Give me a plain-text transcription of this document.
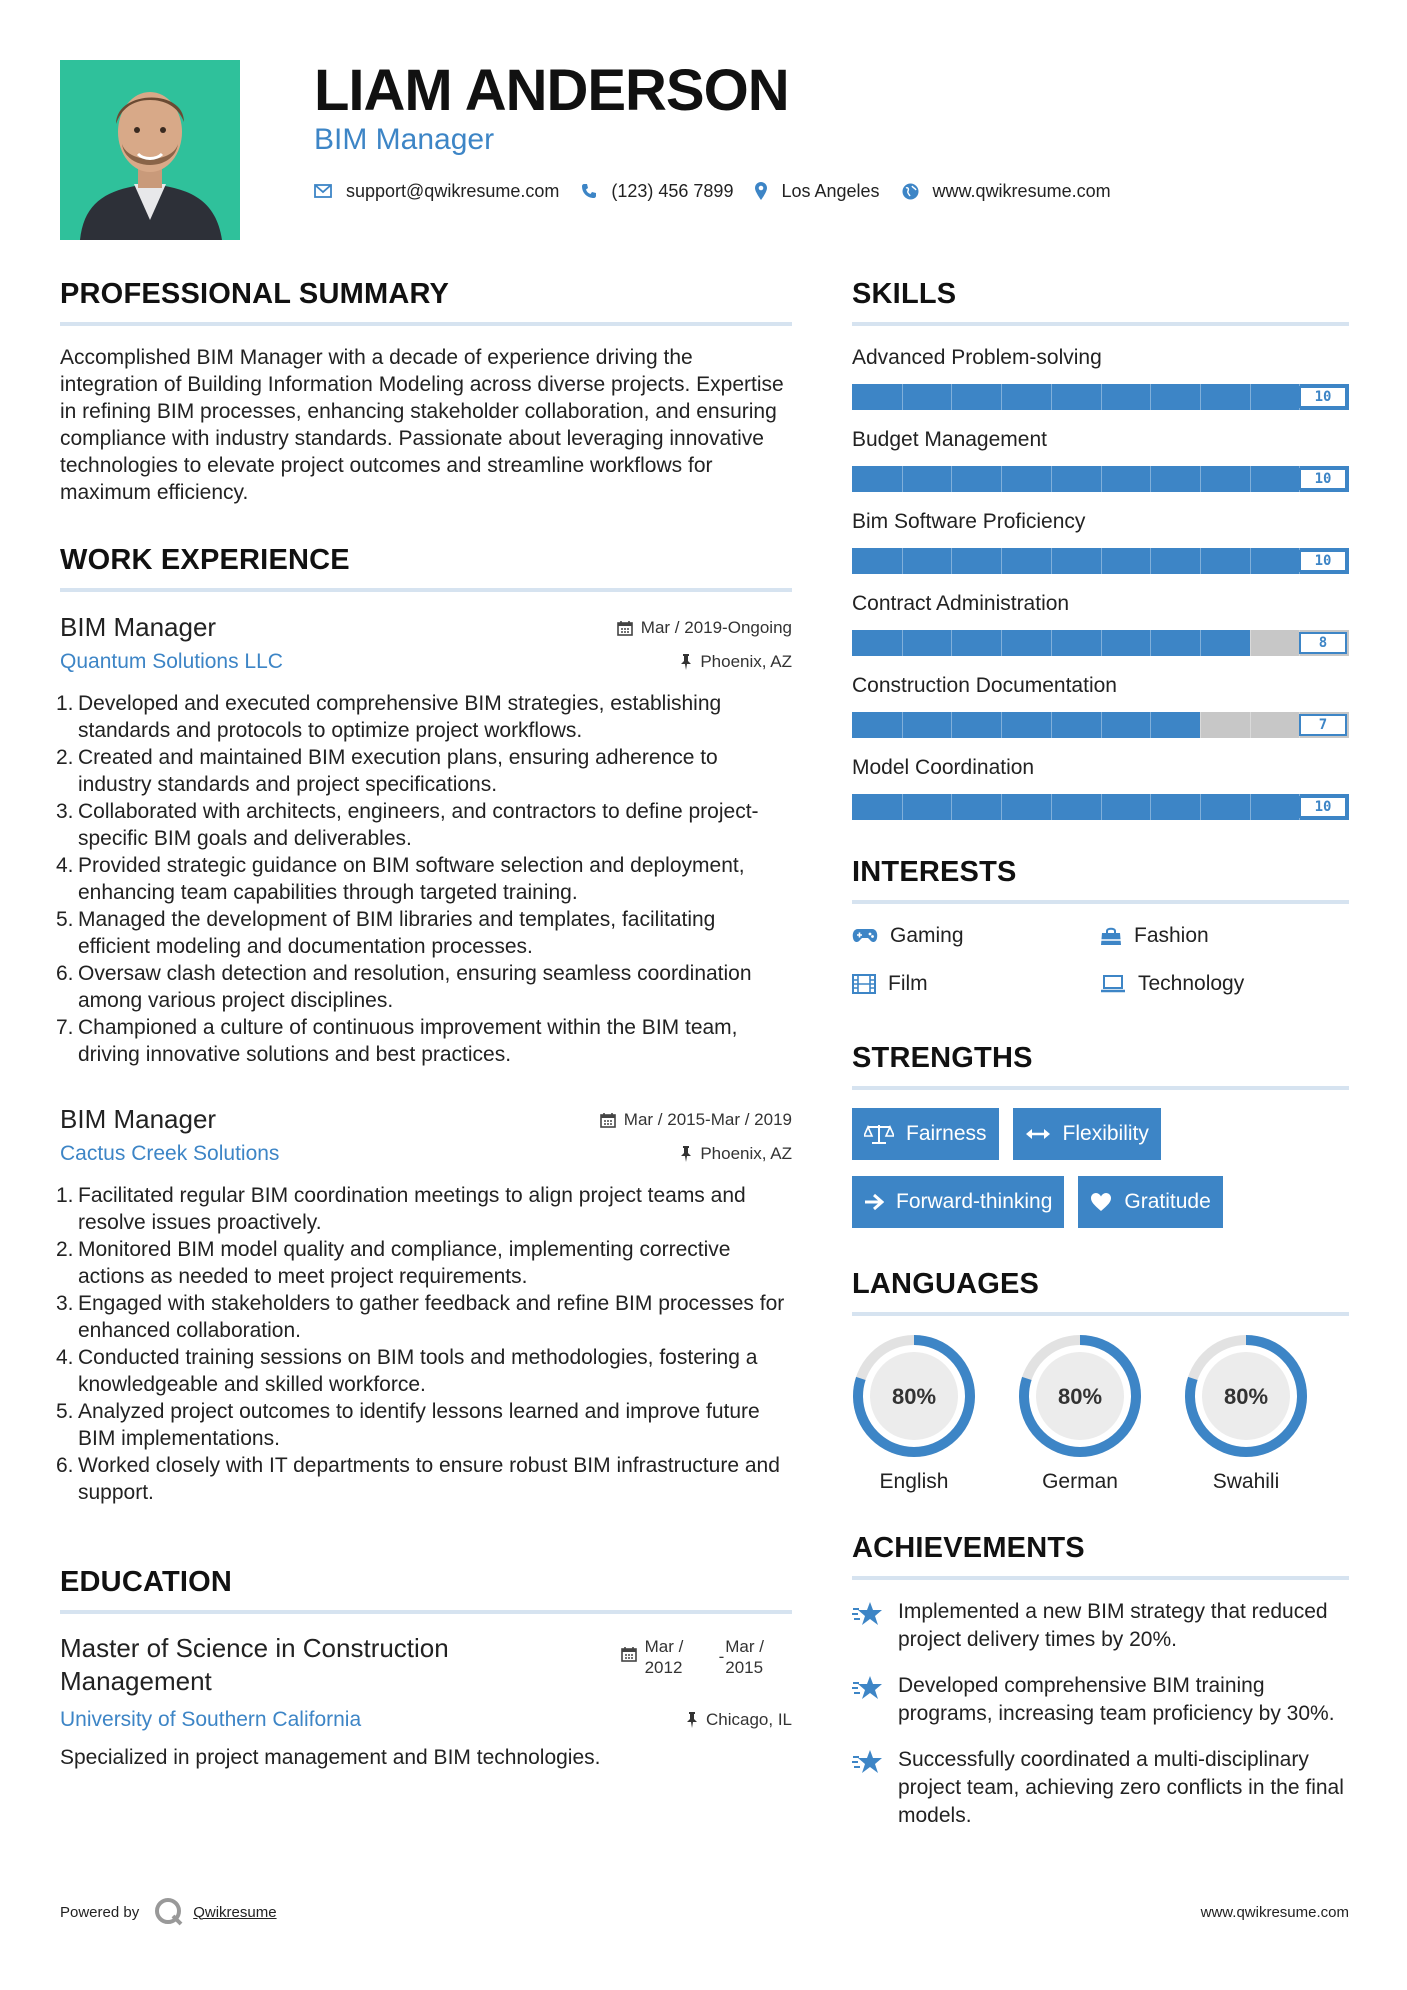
LIAM ANDERSON
BIM Manager
support@qwikresume.com	(123) 456 7899	Los Angeles	www.qwikresume.com
PROFESSIONAL SUMMARY
Accomplished BIM Manager with a decade of experience driving the integration of Building Information Modeling across diverse projects. Expertise in refining BIM processes, enhancing stakeholder collaboration, and ensuring compliance with industry standards. Passionate about leveraging innovative technologies to elevate project outcomes and streamline workflows for maximum efficiency.
WORK EXPERIENCE
BIM Manager	Mar / 2019-Ongoing
Quantum Solutions LLC	Phoenix, AZ
1. Developed and executed comprehensive BIM strategies, establishing standards and protocols to optimize project workflows.
2. Created and maintained BIM execution plans, ensuring adherence to industry standards and project specifications.
3. Collaborated with architects, engineers, and contractors to define project-specific BIM goals and deliverables.
4. Provided strategic guidance on BIM software selection and deployment, enhancing team capabilities through targeted training.
5. Managed the development of BIM libraries and templates, facilitating efficient modeling and documentation processes.
6. Oversaw clash detection and resolution, ensuring seamless coordination among various project disciplines.
7. Championed a culture of continuous improvement within the BIM team, driving innovative solutions and best practices.
BIM Manager	Mar / 2015-Mar / 2019
Cactus Creek Solutions	Phoenix, AZ
1. Facilitated regular BIM coordination meetings to align project teams and resolve issues proactively.
2. Monitored BIM model quality and compliance, implementing corrective actions as needed to meet project requirements.
3. Engaged with stakeholders to gather feedback and refine BIM processes for enhanced collaboration.
4. Conducted training sessions on BIM tools and methodologies, fostering a knowledgeable and skilled workforce.
5. Analyzed project outcomes to identify lessons learned and improve future BIM implementations.
6. Worked closely with IT departments to ensure robust BIM infrastructure and support.
EDUCATION
Master of Science in Construction Management
Mar /
2012
-
Mar /
2015
University of Southern California	Chicago, IL
Specialized in project management and BIM technologies.
SKILLS
Advanced Problem-solving
10
Budget Management
10
Bim Software Proficiency
10
Contract Administration
8
Construction Documentation
7
Model Coordination
10
INTERESTS
Gaming	Fashion
Film	Technology
STRENGTHS
Fairness	Flexibility
Forward-thinking	Gratitude
LANGUAGES
80%
English
80%
German
80%
Swahili
ACHIEVEMENTS
Implemented a new BIM strategy that reduced project delivery times by 20%.
Developed comprehensive BIM training programs, increasing team proficiency by 30%.
Successfully coordinated a multi-disciplinary project team, achieving zero conflicts in the final models.
Powered by	Qwikresume	www.qwikresume.com
